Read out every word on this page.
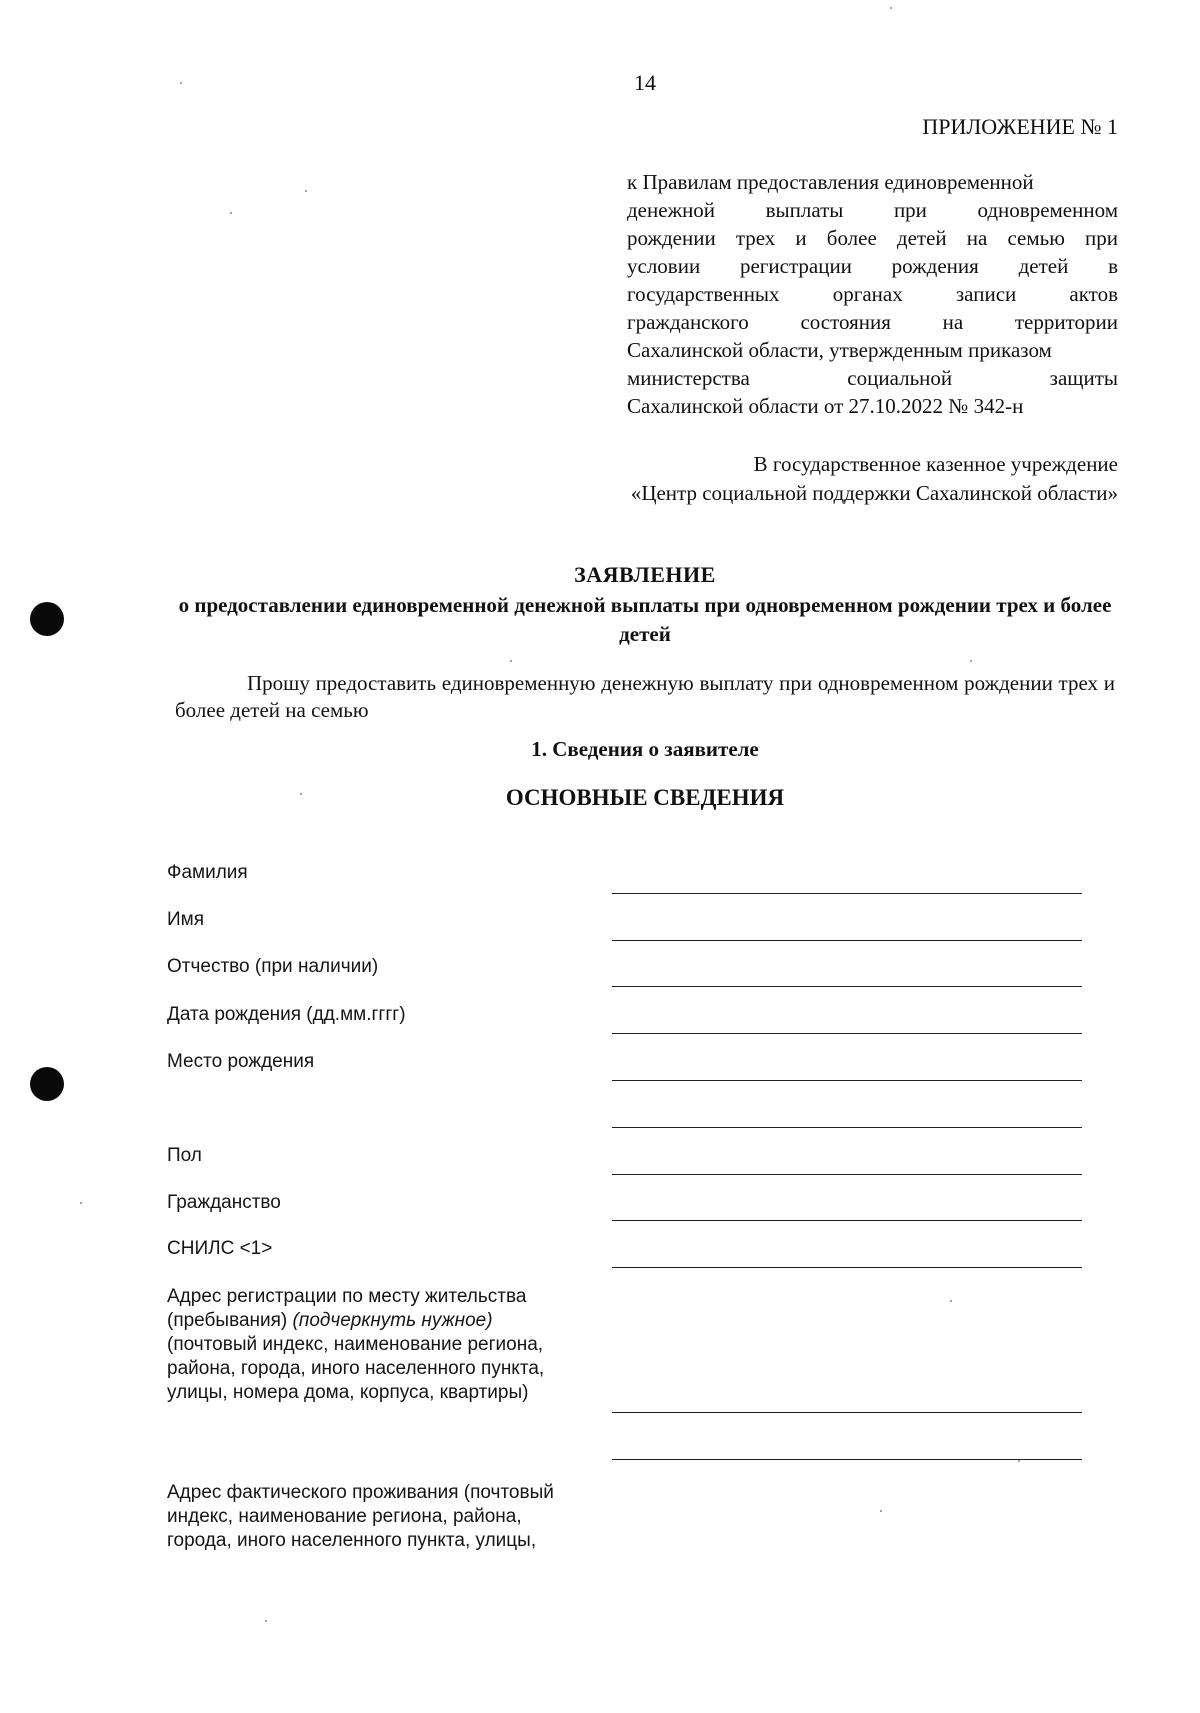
14
ПРИЛОЖЕНИЕ № 1
к Правилам предоставления единовременной
денежной выплаты при одновременном
рождении трех и более детей на семью при
условии регистрации рождения детей в
государственных органах записи актов
гражданского состояния на территории
Сахалинской области, утвержденным приказом
министерства социальной защиты
Сахалинской области от 27.10.2022 № 342-н
В государственное казенное учреждение
«Центр социальной поддержки Сахалинской области»
ЗАЯВЛЕНИЕ
о предоставлении единовременной денежной выплаты при одновременном рождении трех и более детей
Прошу предоставить единовременную денежную выплату при одновременном рождении трех и более детей на семью
1. Сведения о заявителе
ОСНОВНЫЕ СВЕДЕНИЯ
Фамилия
Имя
Отчество (при наличии)
Дата рождения (дд.мм.гггг)
Место рождения
Пол
Гражданство
СНИЛС <1>
Адрес регистрации по месту жительства
(пребывания) (подчеркнуть нужное)
(почтовый индекс, наименование региона,
района, города, иного населенного пункта,
улицы, номера дома, корпуса, квартиры)
Адрес фактического проживания (почтовый
индекс, наименование региона, района,
города, иного населенного пункта, улицы,
